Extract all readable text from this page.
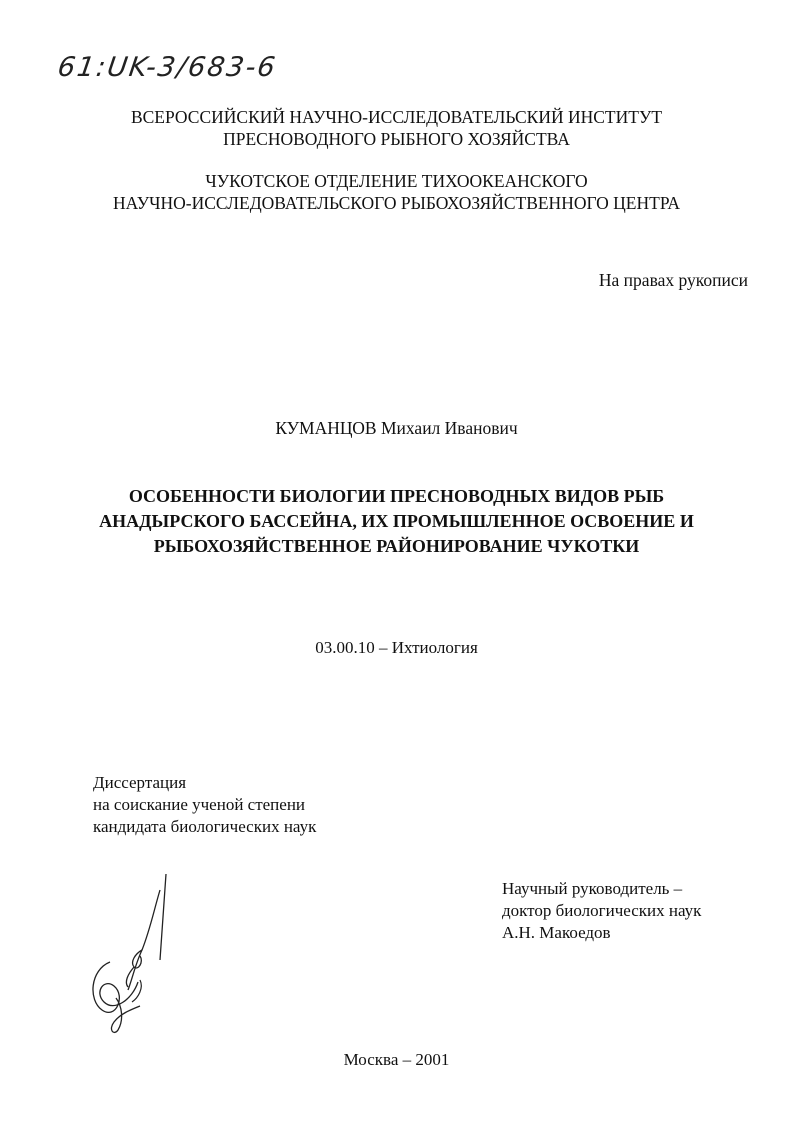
61:UK-3/683-6
ВСЕРОССИЙСКИЙ НАУЧНО-ИССЛЕДОВАТЕЛЬСКИЙ ИНСТИТУТ
ПРЕСНОВОДНОГО РЫБНОГО ХОЗЯЙСТВА
ЧУКОТСКОЕ ОТДЕЛЕНИЕ ТИХООКЕАНСКОГО
НАУЧНО-ИССЛЕДОВАТЕЛЬСКОГО РЫБОХОЗЯЙСТВЕННОГО ЦЕНТРА
На правах рукописи
КУМАНЦОВ Михаил Иванович
ОСОБЕННОСТИ БИОЛОГИИ ПРЕСНОВОДНЫХ ВИДОВ РЫБ
АНАДЫРСКОГО БАССЕЙНА, ИХ ПРОМЫШЛЕННОЕ ОСВОЕНИЕ И
РЫБОХОЗЯЙСТВЕННОЕ РАЙОНИРОВАНИЕ ЧУКОТКИ
03.00.10 – Ихтиология
Диссертация
на соискание ученой степени
кандидата биологических наук
Научный руководитель –
доктор биологических наук
А.Н. Макоедов
Москва – 2001
